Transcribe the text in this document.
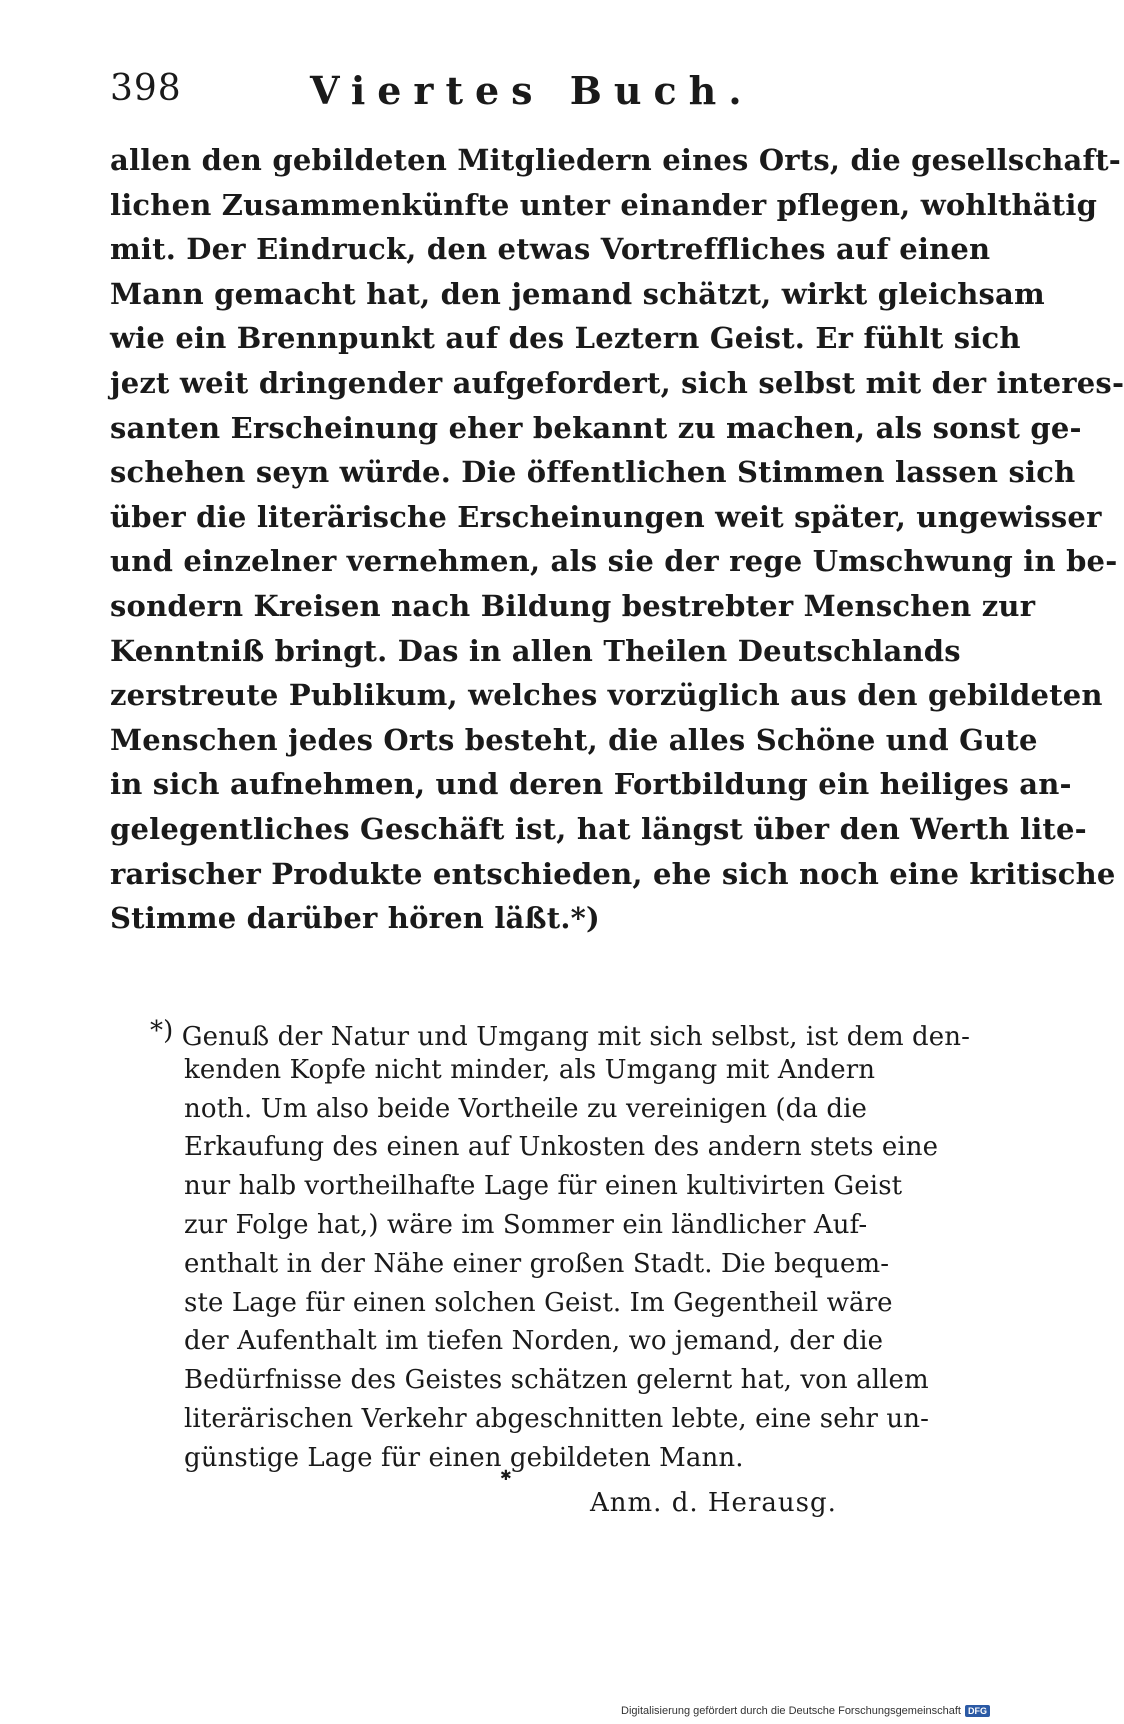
398	Viertes Buch.
allen den gebildeten Mitgliedern eines Orts, die gesellschaft-
lichen Zusammenkünfte unter einander pflegen, wohlthätig
mit. Der Eindruck, den etwas Vortreffliches auf einen
Mann gemacht hat, den jemand schätzt, wirkt gleichsam
wie ein Brennpunkt auf des Leztern Geist. Er fühlt sich
jezt weit dringender aufgefordert, sich selbst mit der interes-
santen Erscheinung eher bekannt zu machen, als sonst ge-
schehen seyn würde. Die öffentlichen Stimmen lassen sich
über die literärische Erscheinungen weit später, ungewisser
und einzelner vernehmen, als sie der rege Umschwung in be-
sondern Kreisen nach Bildung bestrebter Menschen zur
Kenntniß bringt. Das in allen Theilen Deutschlands
zerstreute Publikum, welches vorzüglich aus den gebildeten
Menschen jedes Orts besteht, die alles Schöne und Gute
in sich aufnehmen, und deren Fortbildung ein heiliges an-
gelegentliches Geschäft ist, hat längst über den Werth lite-
rarischer Produkte entschieden, ehe sich noch eine kritische
Stimme darüber hören läßt.*)
*) Genuß der Natur und Umgang mit sich selbst, ist dem den-
kenden Kopfe nicht minder, als Umgang mit Andern
noth. Um also beide Vortheile zu vereinigen (da die
Erkaufung des einen auf Unkosten des andern stets eine
nur halb vortheilhafte Lage für einen kultivirten Geist
zur Folge hat,) wäre im Sommer ein ländlicher Auf-
enthalt in der Nähe einer großen Stadt. Die bequem-
ste Lage für einen solchen Geist. Im Gegentheil wäre
der Aufenthalt im tiefen Norden, wo jemand, der die
Bedürfnisse des Geistes schätzen gelernt hat, von allem
literärischen Verkehr abgeschnitten lebte, eine sehr un-
günstige Lage für einen gebildeten Mann.
✱
Anm. d. Herausg.
Digitalisierung gefördert durch die Deutsche Forschungsgemeinschaft DFG
